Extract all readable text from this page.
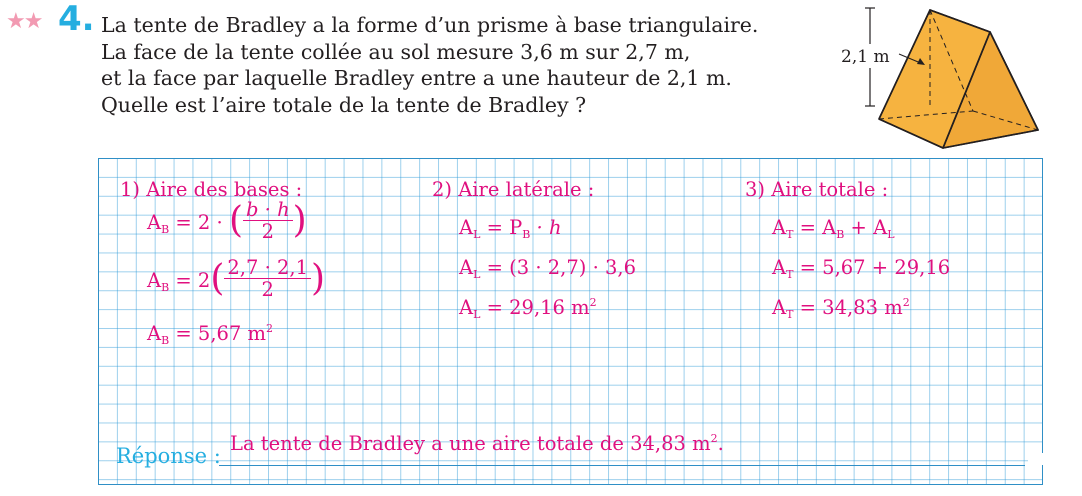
★★ 4. La tente de Bradley a la forme d’un prisme à base triangulaire.
La face de la tente collée au sol mesure 3,6 m sur 2,7 m,
et la face par laquelle Bradley entre a une hauteur de 2,1 m.
Quelle est l’aire totale de la tente de Bradley ?
2,1 m
1) Aire des bases :
$A_B = 2$ · ( $\frac{b \cdot h}{2}$ )
$A_B = 2( \frac{2,7 \cdot 2,1}{2}$ )
$A_B = 5,67$ $m^2$
2) Aire latérale :
$A_L = P_B \cdot h$
$A_L = (3 \cdot 2,7) \cdot 3,6$
$A_L = 29,16$ $m^2$
3) Aire totale :
$A_T = A_B + A_L$
$A_T = 5,67 + 29,16$
$A_T = 34,83$ $m^2$
Réponse :
La tente de Bradley a une aire totale de 34,83 $m^2$.
